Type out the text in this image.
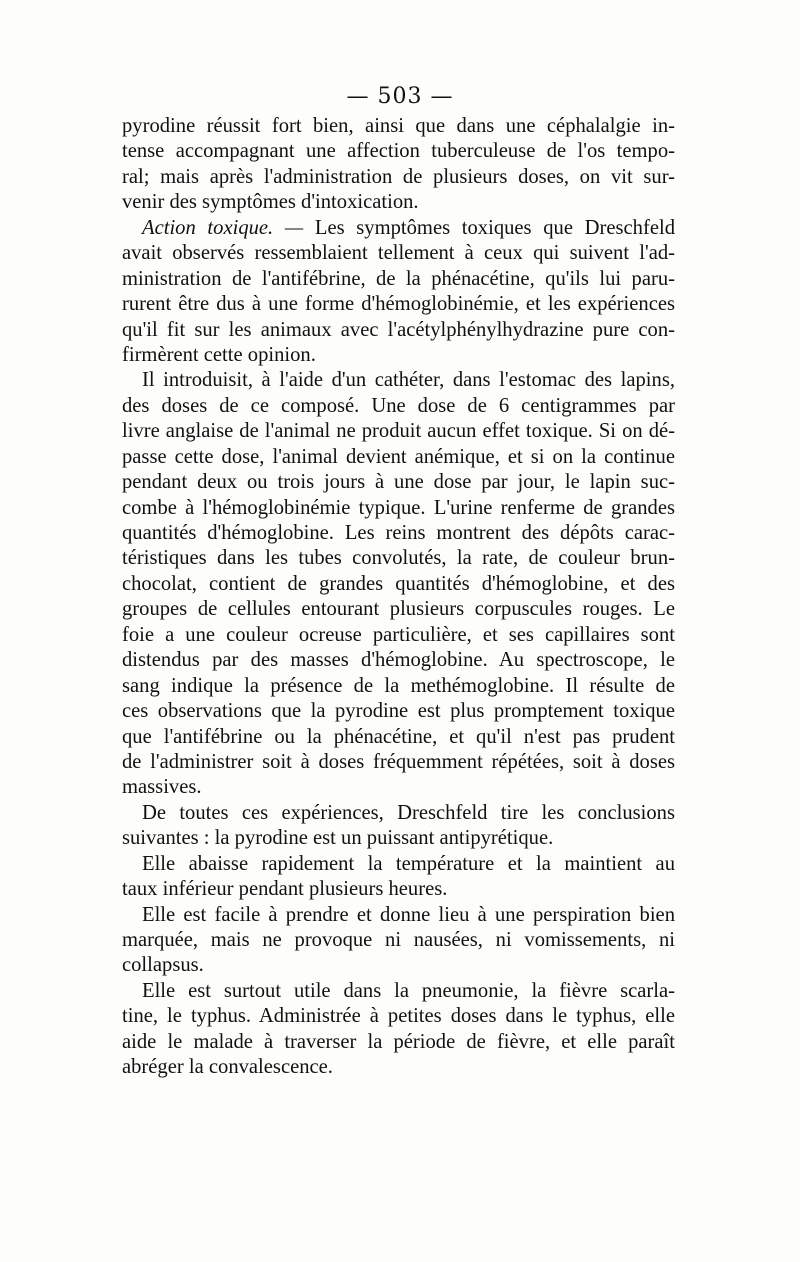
— 503 —
pyrodine réussit fort bien, ainsi que dans une céphalalgie in-
tense accompagnant une affection tuberculeuse de l'os tempo-
ral; mais après l'administration de plusieurs doses, on vit sur-
venir des symptômes d'intoxication.
Action toxique. — Les symptômes toxiques que Dreschfeld
avait observés ressemblaient tellement à ceux qui suivent l'ad-
ministration de l'antifébrine, de la phénacétine, qu'ils lui paru-
rurent être dus à une forme d'hémoglobinémie, et les expériences
qu'il fit sur les animaux avec l'acétylphénylhydrazine pure con-
firmèrent cette opinion.
Il introduisit, à l'aide d'un cathéter, dans l'estomac des lapins,
des doses de ce composé. Une dose de 6 centigrammes par
livre anglaise de l'animal ne produit aucun effet toxique. Si on dé-
passe cette dose, l'animal devient anémique, et si on la continue
pendant deux ou trois jours à une dose par jour, le lapin suc-
combe à l'hémoglobinémie typique. L'urine renferme de grandes
quantités d'hémoglobine. Les reins montrent des dépôts carac-
téristiques dans les tubes convolutés, la rate, de couleur brun-
chocolat, contient de grandes quantités d'hémoglobine, et des
groupes de cellules entourant plusieurs corpuscules rouges. Le
foie a une couleur ocreuse particulière, et ses capillaires sont
distendus par des masses d'hémoglobine. Au spectroscope, le
sang indique la présence de la methémoglobine. Il résulte de
ces observations que la pyrodine est plus promptement toxique
que l'antifébrine ou la phénacétine, et qu'il n'est pas prudent
de l'administrer soit à doses fréquemment répétées, soit à doses
massives.
De toutes ces expériences, Dreschfeld tire les conclusions
suivantes : la pyrodine est un puissant antipyrétique.
Elle abaisse rapidement la température et la maintient au
taux inférieur pendant plusieurs heures.
Elle est facile à prendre et donne lieu à une perspiration bien
marquée, mais ne provoque ni nausées, ni vomissements, ni
collapsus.
Elle est surtout utile dans la pneumonie, la fièvre scarla-
tine, le typhus. Administrée à petites doses dans le typhus, elle
aide le malade à traverser la période de fièvre, et elle paraît
abréger la convalescence.
